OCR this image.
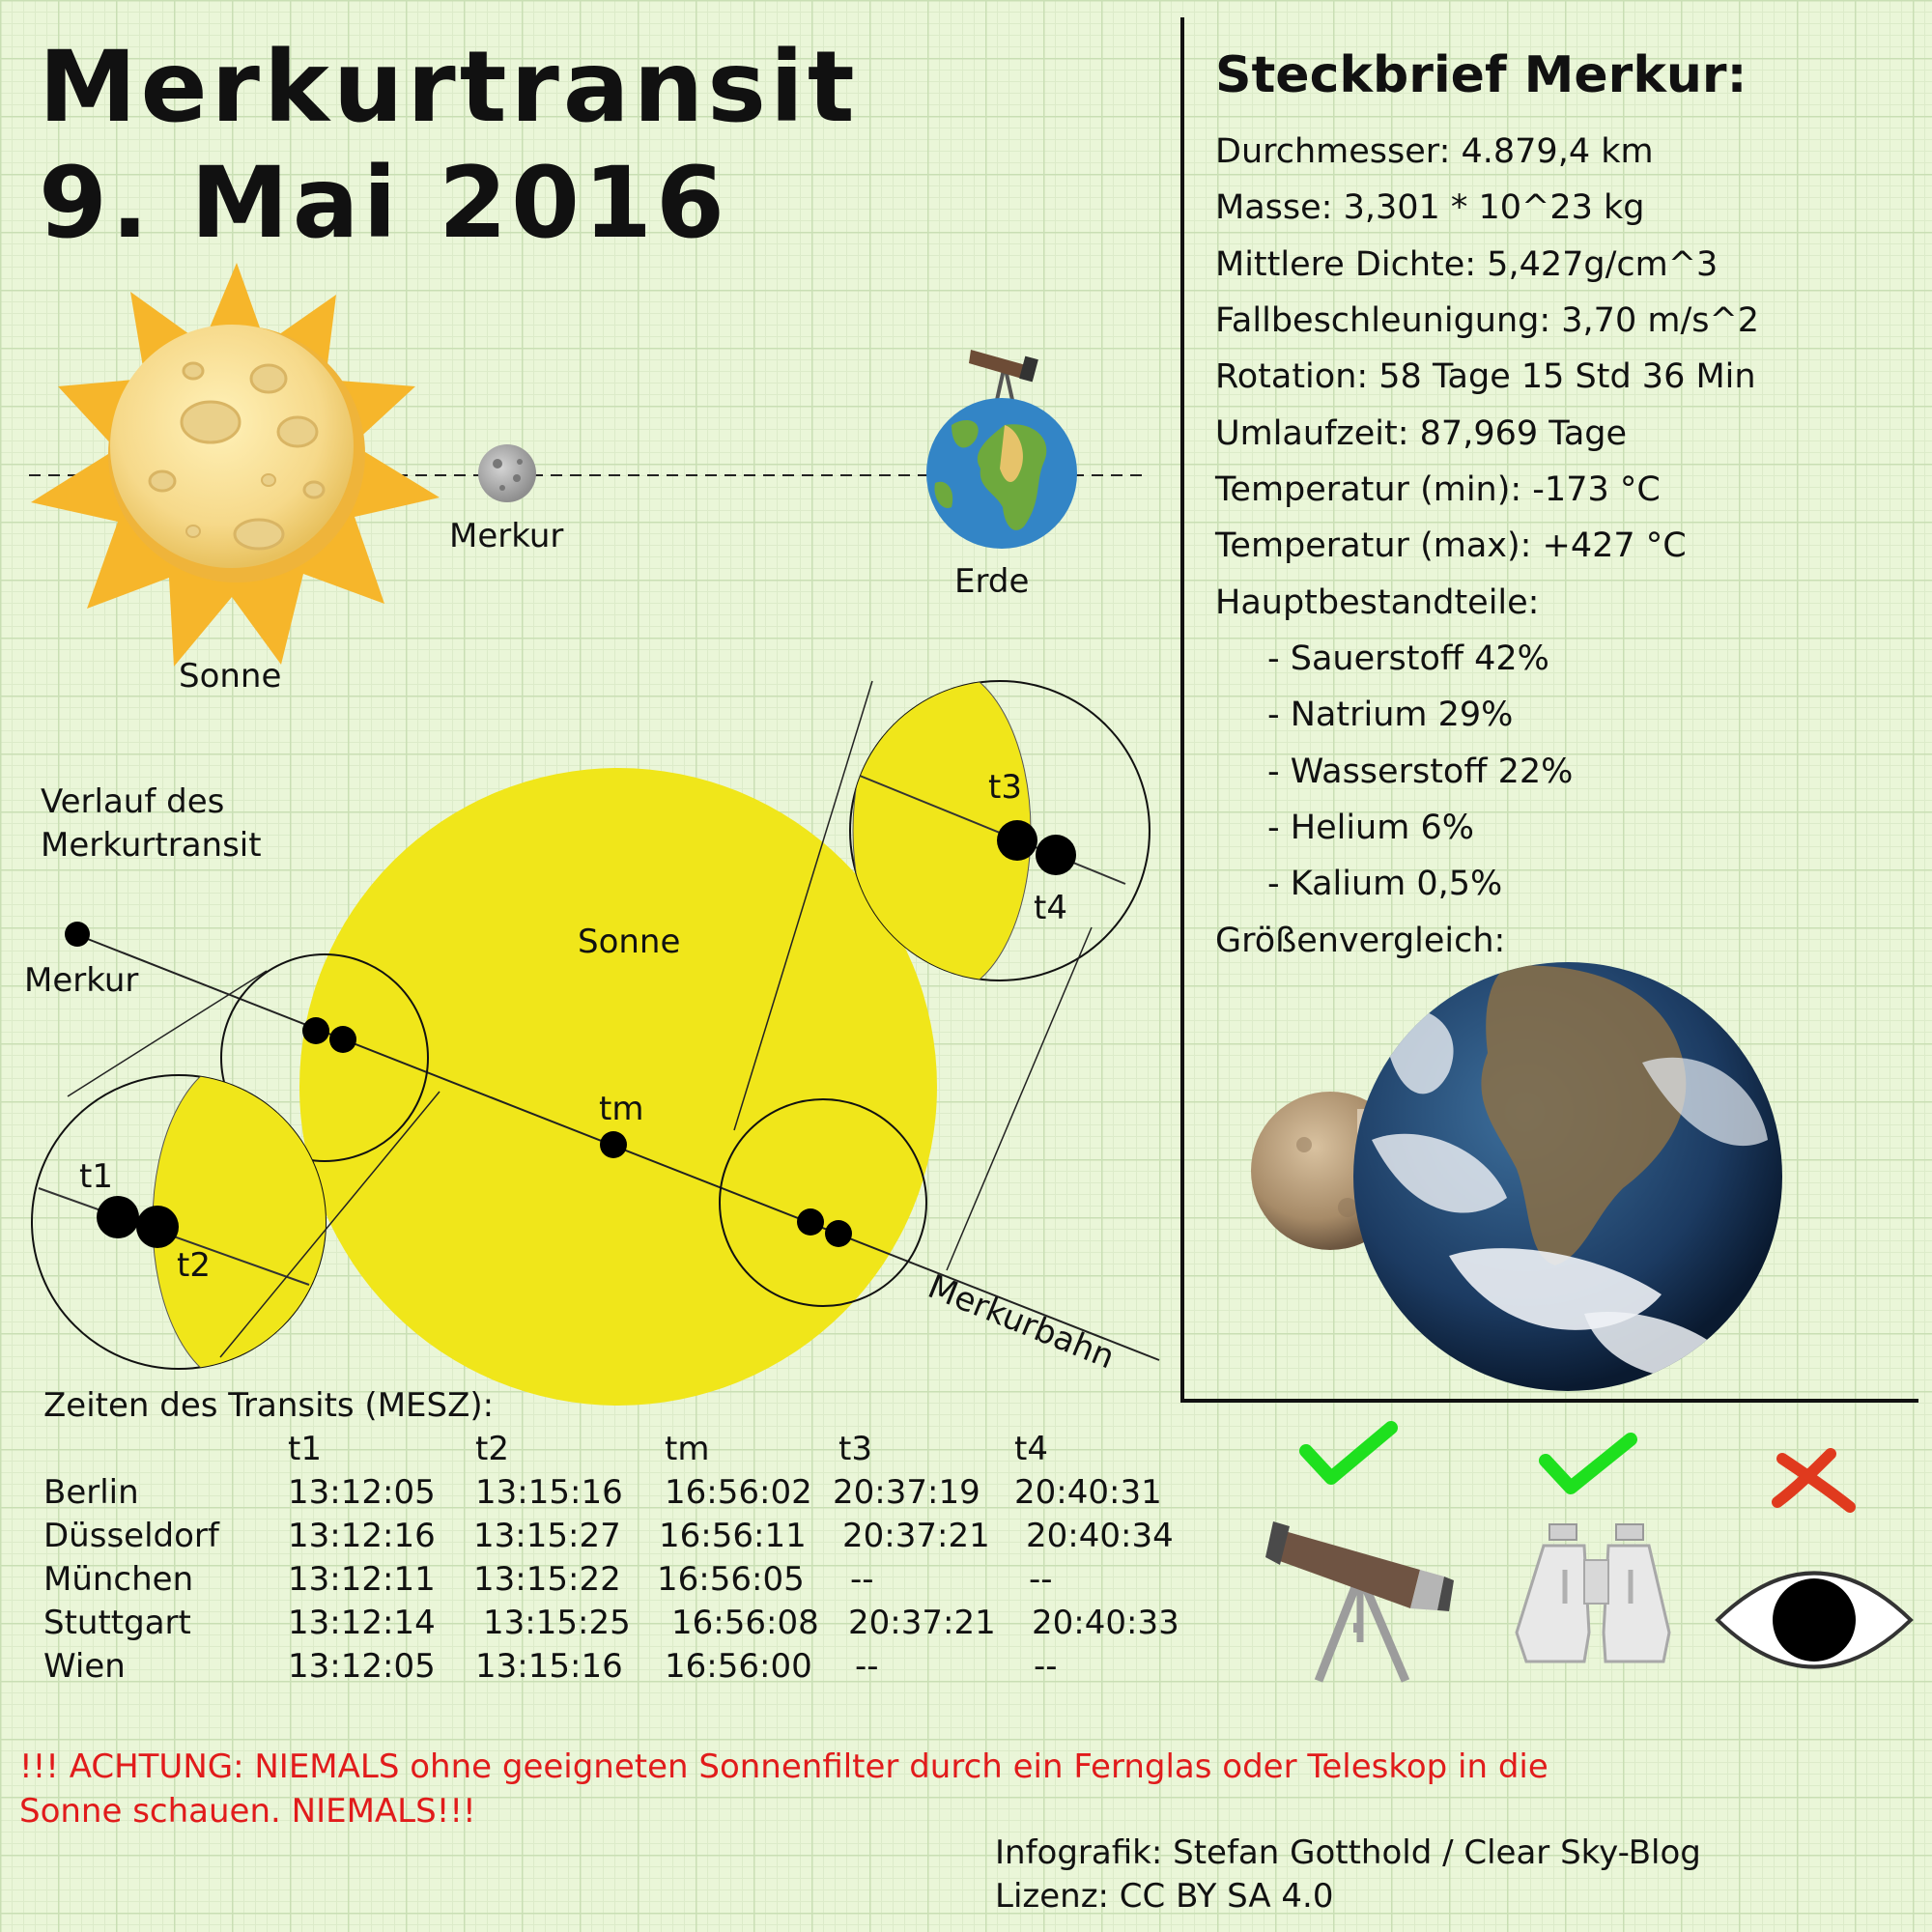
Merkurtransit
9. Mai 2016
Sonne
Merkur
Erde
Verlauf des
Merkurtransit
Merkur
Sonne
tm
t1
t2
t3
t4
Merkurbahn
Steckbrief Merkur:
Durchmesser: 4.879,4 km
Masse: 3,301 * 10^23 kg
Mittlere Dichte: 5,427g/cm^3
Fallbeschleunigung: 3,70 m/s^2
Rotation: 58 Tage 15 Std 36 Min
Umlaufzeit: 87,969 Tage
Temperatur (min): -173 °C
Temperatur (max): +427 °C
Hauptbestandteile:
- Sauerstoff 42%
- Natrium 29%
- Wasserstoff 22%
- Helium 6%
- Kalium 0,5%
Größenvergleich:
Zeiten des Transits (MESZ):
t1	t2	tm	t3	t4
Berlin	13:12:05 13:15:16 16:56:02 20:37:19 20:40:31
Düsseldorf 13:12:16 13:15:27 16:56:11 20:37:21 20:40:34
München	13:12:11 13:15:22 16:56:05 --	--
Stuttgart	13:12:14 13:15:25 16:56:08 20:37:21 20:40:33
Wien	13:12:05 13:15:16 16:56:00 --	--
!!! ACHTUNG: NIEMALS ohne geeigneten Sonnenfilter durch ein Fernglas oder Teleskop in die
Sonne schauen. NIEMALS!!!
Infografik: Stefan Gotthold / Clear Sky-Blog
Lizenz: CC BY SA 4.0
